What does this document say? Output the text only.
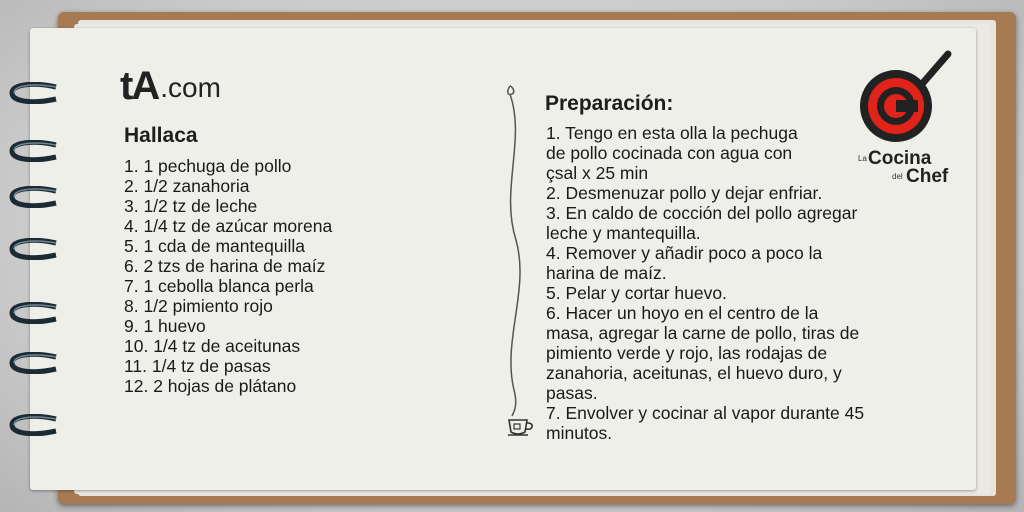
tA .com
Hallaca
1. 1 pechuga de pollo
2. 1/2 zanahoria
3. 1/2 tz de leche
4. 1/4 tz de azúcar morena
5. 1 cda de mantequilla
6. 2 tzs de harina de maíz
7. 1 cebolla blanca perla
8. 1/2 pimiento rojo
9. 1 huevo
10. 1/4 tz de aceitunas
11. 1/4 tz de pasas
12. 2 hojas de plátano
Preparación:
1. Tengo en esta olla la pechuga
de pollo cocinada con agua con
çsal x 25 min
2. Desmenuzar pollo y dejar enfriar.
3. En caldo de cocción del pollo agregar
leche y mantequilla.
4. Remover y añadir poco a poco la
harina de maíz.
5. Pelar y cortar huevo.
6. Hacer un hoyo en el centro de la
masa, agregar la carne de pollo, tiras de
pimiento verde y rojo, las rodajas de
zanahoria, aceitunas, el huevo duro, y
pasas.
7. Envolver y cocinar al vapor durante 45
minutos.
La Cocina
del Chef
